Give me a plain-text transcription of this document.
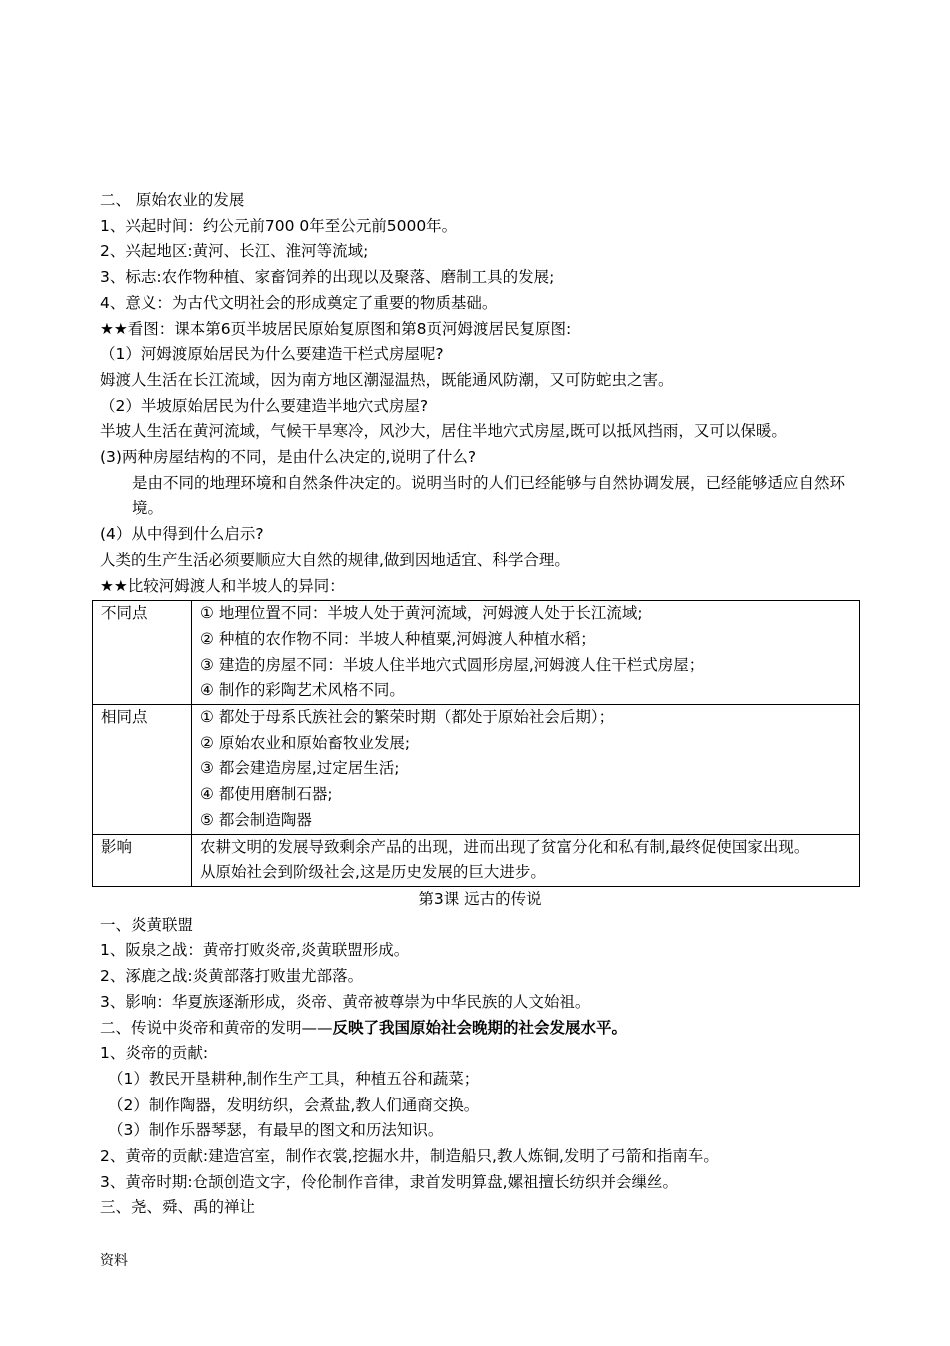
二、 原始农业的发展
1、兴起时间：约公元前700 0年至公元前5000年。
2、兴起地区:黄河、长江、淮河等流域;
3、标志:农作物种植、家畜饲养的出现以及聚落、磨制工具的发展;
4、意义：为古代文明社会的形成奠定了重要的物质基础。
★★看图：课本第6页半坡居民原始复原图和第8页河姆渡居民复原图:
（1）河姆渡原始居民为什么要建造干栏式房屋呢?
姆渡人生活在长江流域，因为南方地区潮湿温热，既能通风防潮，又可防蛇虫之害。
（2）半坡原始居民为什么要建造半地穴式房屋?
半坡人生活在黄河流域，气候干旱寒冷，风沙大，居住半地穴式房屋,既可以抵风挡雨，又可以保暖。
(3)两种房屋结构的不同，是由什么决定的,说明了什么?
是由不同的地理环境和自然条件决定的。说明当时的人们已经能够与自然协调发展，已经能够适应自然环境。
(4）从中得到什么启示?
人类的生产生活必须要顺应大自然的规律,做到因地适宜、科学合理。
★★比较河姆渡人和半坡人的异同：
不同点	① 地理位置不同：半坡人处于黄河流域，河姆渡人处于长江流域;
② 种植的农作物不同：半坡人种植粟,河姆渡人种植水稻；
③ 建造的房屋不同：半坡人住半地穴式圆形房屋,河姆渡人住干栏式房屋；
④ 制作的彩陶艺术风格不同。

相同点	① 都处于母系氏族社会的繁荣时期（都处于原始社会后期）；
② 原始农业和原始畜牧业发展;
③ 都会建造房屋,过定居生活;
④ 都使用磨制石器;
⑤ 都会制造陶器

影响	农耕文明的发展导致剩余产品的出现，进而出现了贫富分化和私有制,最终促使国家出现。
从原始社会到阶级社会,这是历史发展的巨大进步。
第3课 远古的传说
一、炎黄联盟
1、阪泉之战：黄帝打败炎帝,炎黄联盟形成。
2、涿鹿之战:炎黄部落打败蚩尤部落。
3、影响：华夏族逐渐形成，炎帝、黄帝被尊崇为中华民族的人文始祖。
二、传说中炎帝和黄帝的发明——反映了我国原始社会晚期的社会发展水平。
1、炎帝的贡献:
（1）教民开垦耕种,制作生产工具，种植五谷和蔬菜；
（2）制作陶器，发明纺织，会煮盐,教人们通商交换。
（3）制作乐器琴瑟，有最早的图文和历法知识。
2、黄帝的贡献:建造宫室，制作衣裳,挖掘水井，制造船只,教人炼铜,发明了弓箭和指南车。
3、黄帝时期:仓颉创造文字，伶伦制作音律，隶首发明算盘,嫘祖擅长纺织并会缫丝。
三、尧、舜、禹的禅让
资料
